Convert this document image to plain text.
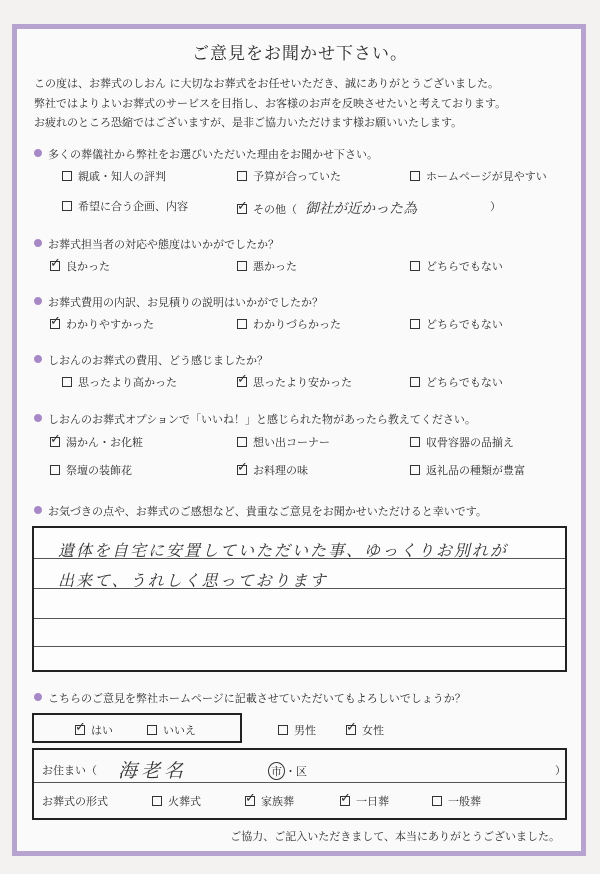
ご意見をお聞かせ下さい。
この度は、お葬式のしおん に大切なお葬式をお任せいただき、誠にありがとうございました。
弊社ではよりよいお葬式のサービスを目指し、お客様のお声を反映させたいと考えております。
お疲れのところ恐縮ではございますが、是非ご協力いただけます様お願いいたします。
多くの葬儀社から弊社をお選びいただいた理由をお聞かせ下さい。
親戚・知人の評判	予算が合っていた	ホームページが見やすい
希望に合う企画、内容	✓ その他（ 御社が近かった為	）
お葬式担当者の対応や態度はいかがでしたか？
✓ 良かった	悪かった	どちらでもない
お葬式費用の内訳、お見積りの説明はいかがでしたか？
✓ わかりやすかった	わかりづらかった	どちらでもない
しおんのお葬式の費用、どう感じましたか？
思ったより高かった	✓ 思ったより安かった	どちらでもない
しおんのお葬式オプションで「いいね！」と感じられた物があったら教えてください。
✓ 湯かん・お化粧	想い出コーナー	収骨容器の品揃え
祭壇の装飾花	✓ お料理の味	返礼品の種類が豊富
お気づきの点や、お葬式のご感想など、貴重なご意見をお聞かせいただけると幸いです。
遺体を自宅に安置していただいた事、ゆっくりお別れが
出来て、うれしく思っております
こちらのご意見を弊社ホームページに記載させていただいてもよろしいでしょうか？
✓ はい	いいえ	男性 ✓ 女性
お住まい（ 海老名	市 ・区	）
お葬式の形式	火葬式	✓ 家族葬	✓ 一日葬	一般葬
ご協力、ご記入いただきまして、本当にありがとうございました。
